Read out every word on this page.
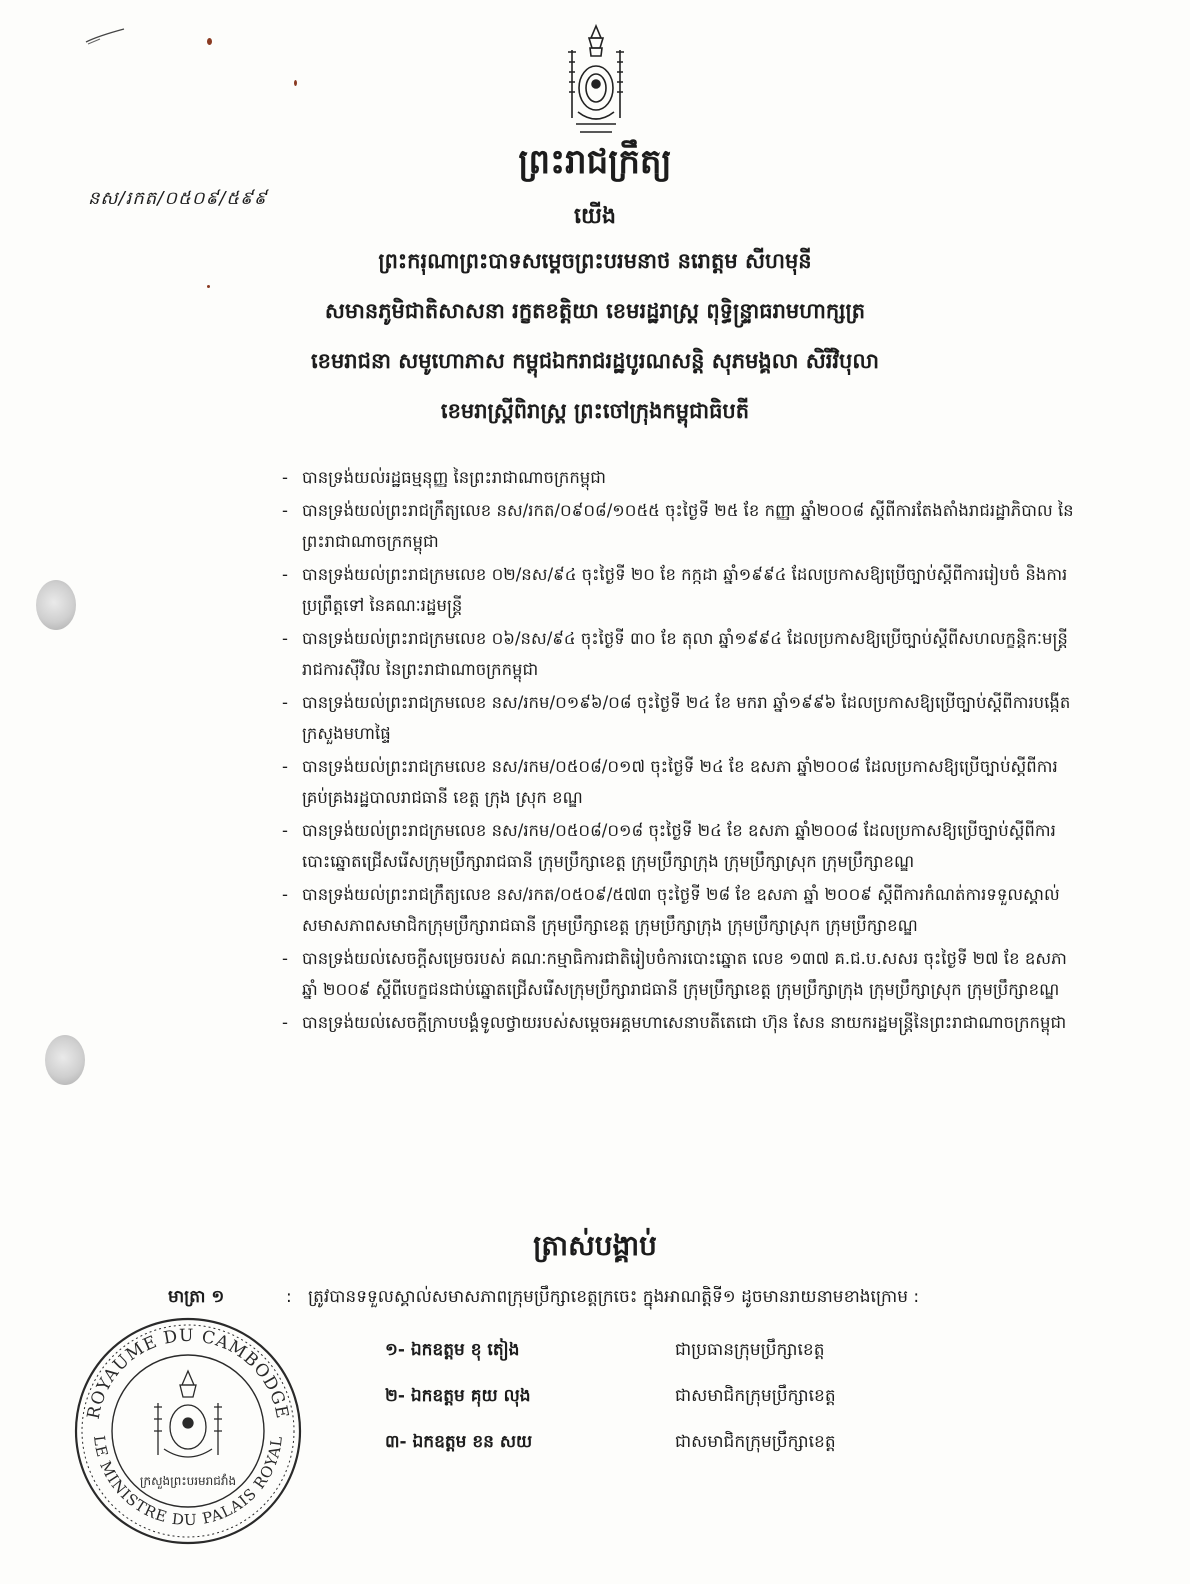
ព្រះរាជក្រឹត្យ
នស/រកត/០៥០៩/៥៩៩
យើង
ព្រះករុណាព្រះបាទសម្តេចព្រះបរមនាថ នរោត្តម សីហមុនី
សមានភូមិជាតិសាសនា រក្ខតខត្តិយា ខេមរដ្ឋរាស្ត្រ ពុទ្ធិន្ទ្រាធរាមហាក្សត្រ
ខេមរាជនា សមូហោភាស កម្ពុជឯករាជរដ្ឋបូរណសន្តិ សុភមង្គលា សិរីវិបុលា
ខេមរាស្ត្រីពិរាស្ត្រ ព្រះចៅក្រុងកម្ពុជាធិបតី
- បានទ្រង់យល់រដ្ឋធម្មនុញ្ញ នៃព្រះរាជាណាចក្រកម្ពុជា
- បានទ្រង់យល់ព្រះរាជក្រឹត្យលេខ នស/រកត/០៩០៨/១០៥៥ ចុះថ្ងៃទី ២៥ ខែ កញ្ញា ឆ្នាំ២០០៨ ស្តីពីការតែងតាំងរាជរដ្ឋាភិបាល នៃព្រះរាជាណាចក្រកម្ពុជា
- បានទ្រង់យល់ព្រះរាជក្រមលេខ ០២/នស/៩៤ ចុះថ្ងៃទី ២០ ខែ កក្កដា ឆ្នាំ១៩៩៤ ដែលប្រកាសឱ្យប្រើច្បាប់ស្តីពីការរៀបចំ និងការប្រព្រឹត្តទៅ នៃគណៈរដ្ឋមន្ត្រី
- បានទ្រង់យល់ព្រះរាជក្រមលេខ ០៦/នស/៩៤ ចុះថ្ងៃទី ៣០ ខែ តុលា ឆ្នាំ១៩៩៤ ដែលប្រកាសឱ្យប្រើច្បាប់ស្តីពីសហលក្ខន្តិកៈមន្ត្រីរាជការស៊ីវិល នៃព្រះរាជាណាចក្រកម្ពុជា
- បានទ្រង់យល់ព្រះរាជក្រមលេខ នស/រកម/០១៩៦/០៨ ចុះថ្ងៃទី ២៤ ខែ មករា ឆ្នាំ១៩៩៦ ដែលប្រកាសឱ្យប្រើច្បាប់ស្តីពីការបង្កើតក្រសួងមហាផ្ទៃ
- បានទ្រង់យល់ព្រះរាជក្រមលេខ នស/រកម/០៥០៨/០១៧ ចុះថ្ងៃទី ២៤ ខែ ឧសភា ឆ្នាំ២០០៨ ដែលប្រកាសឱ្យប្រើច្បាប់ស្តីពីការគ្រប់គ្រងរដ្ឋបាលរាជធានី ខេត្ត ក្រុង ស្រុក ខណ្ឌ
- បានទ្រង់យល់ព្រះរាជក្រមលេខ នស/រកម/០៥០៨/០១៨ ចុះថ្ងៃទី ២៤ ខែ ឧសភា ឆ្នាំ២០០៨ ដែលប្រកាសឱ្យប្រើច្បាប់ស្តីពីការបោះឆ្នោតជ្រើសរើសក្រុមប្រឹក្សារាជធានី ក្រុមប្រឹក្សាខេត្ត ក្រុមប្រឹក្សាក្រុង ក្រុមប្រឹក្សាស្រុក ក្រុមប្រឹក្សាខណ្ឌ
- បានទ្រង់យល់ព្រះរាជក្រឹត្យលេខ នស/រកត/០៥០៩/៥៧៣ ចុះថ្ងៃទី ២៨ ខែ ឧសភា ឆ្នាំ ២០០៩ ស្តីពីការកំណត់ការទទួលស្គាល់សមាសភាពសមាជិកក្រុមប្រឹក្សារាជធានី ក្រុមប្រឹក្សាខេត្ត ក្រុមប្រឹក្សាក្រុង ក្រុមប្រឹក្សាស្រុក ក្រុមប្រឹក្សាខណ្ឌ
- បានទ្រង់យល់សេចក្តីសម្រេចរបស់ គណៈកម្មាធិការជាតិរៀបចំការបោះឆ្នោត លេខ ១៣៧ គ.ជ.ប.សសរ ចុះថ្ងៃទី ២៧ ខែ ឧសភា ឆ្នាំ ២០០៩ ស្តីពីបេក្ខជនជាប់ឆ្នោតជ្រើសរើសក្រុមប្រឹក្សារាជធានី ក្រុមប្រឹក្សាខេត្ត ក្រុមប្រឹក្សាក្រុង ក្រុមប្រឹក្សាស្រុក ក្រុមប្រឹក្សាខណ្ឌ
- បានទ្រង់យល់សេចក្តីក្រាបបង្គំទូលថ្វាយរបស់សម្តេចអគ្គមហាសេនាបតីតេជោ ហ៊ុន សែន នាយករដ្ឋមន្ត្រីនៃព្រះរាជាណាចក្រកម្ពុជា
ត្រាស់បង្គាប់
មាត្រា ១	: ត្រូវបានទទួលស្គាល់សមាសភាពក្រុមប្រឹក្សាខេត្តក្រចេះ ក្នុងអាណត្តិទី១ ដូចមានរាយនាមខាងក្រោម :
១- ឯកឧត្តម ខុ តៀង	ជាប្រធានក្រុមប្រឹក្សាខេត្ត
២- ឯកឧត្តម គុយ លុង	ជាសមាជិកក្រុមប្រឹក្សាខេត្ត
៣- ឯកឧត្តម ខន សយ	ជាសមាជិកក្រុមប្រឹក្សាខេត្ត
ROYAUME DU CAMBODGE
LE MINISTRE DU PALAIS ROYAL
ក្រសួងព្រះបរមរាជវាំង
